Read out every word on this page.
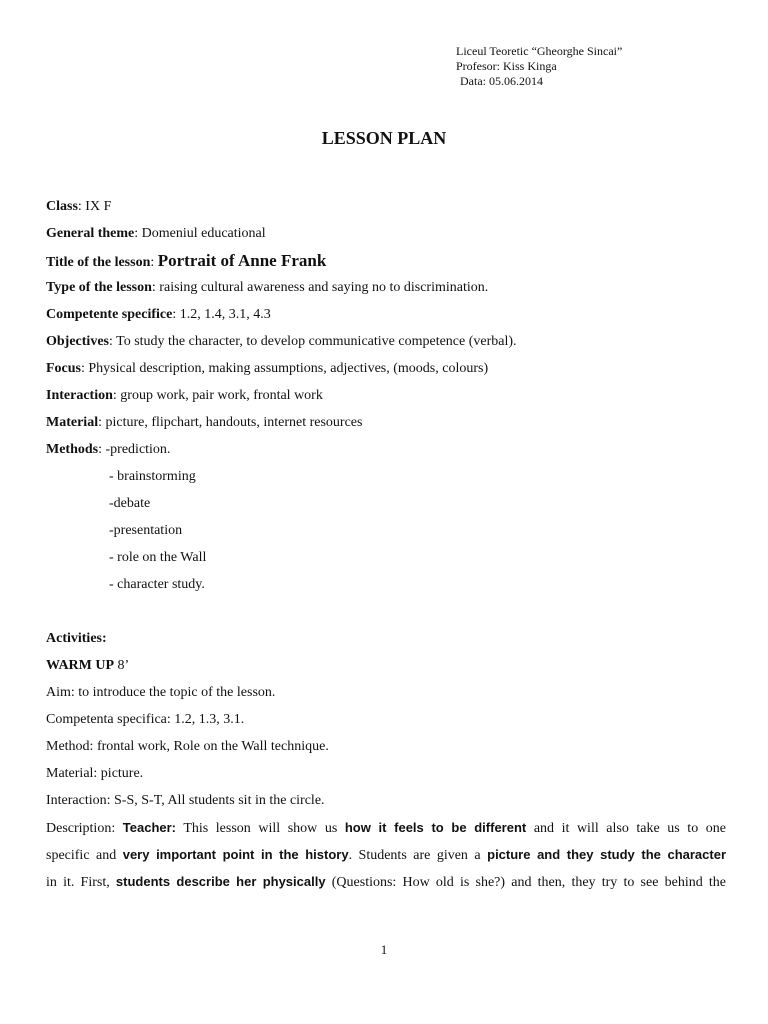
Liceul Teoretic “Gheorghe Sincai”
Profesor: Kiss Kinga
Data: 05.06.2014
LESSON PLAN
Class: IX F
General theme: Domeniul educational
Title of the lesson: Portrait of Anne Frank
Type of the lesson: raising cultural awareness and saying no to discrimination.
Competente specifice: 1.2, 1.4, 3.1, 4.3
Objectives: To study the character, to develop communicative competence (verbal).
Focus: Physical description, making assumptions, adjectives, (moods, colours)
Interaction: group work, pair work, frontal work
Material: picture, flipchart, handouts, internet resources
Methods: -prediction.
- brainstorming
-debate
-presentation
- role on the Wall
- character study.
Activities:
WARM UP 8’
Aim: to introduce the topic of the lesson.
Competenta specifica: 1.2, 1.3, 3.1.
Method: frontal work, Role on the Wall technique.
Material: picture.
Interaction: S-S, S-T, All students sit in the circle.
Description: Teacher: This lesson will show us how it feels to be different and it will also take us to one
specific and very important point in the history. Students are given a picture and they study the character
in it. First, students describe her physically (Questions: How old is she?) and then, they try to see behind the
1
